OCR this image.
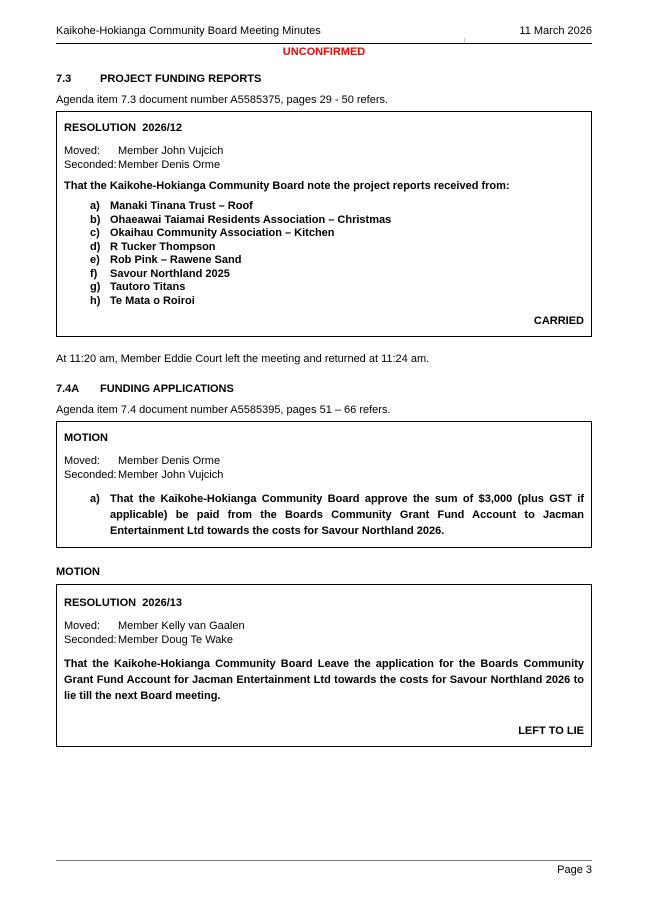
Kaikohe-Hokianga Community Board Meeting Minutes	11 March 2026
UNCONFIRMED
7.3	PROJECT FUNDING REPORTS
Agenda item 7.3 document number A5585375, pages 29 - 50 refers.
RESOLUTION  2026/12
Moved:	Member John Vujcich
Seconded: Member Denis Orme
That the Kaikohe-Hokianga Community Board note the project reports received from:
a) Manaki Tinana Trust – Roof
b) Ohaeawai Taiamai Residents Association – Christmas
c) Okaihau Community Association – Kitchen
d) R Tucker Thompson
e) Rob Pink – Rawene Sand
f)	Savour Northland 2025
g) Tautoro Titans
h) Te Mata o Roiroi
CARRIED
At 11:20 am, Member Eddie Court left the meeting and returned at 11:24 am.
7.4A	FUNDING APPLICATIONS
Agenda item 7.4 document number A5585395, pages 51 – 66 refers.
MOTION
Moved:	Member Denis Orme
Seconded: Member John Vujcich
a) That the Kaikohe-Hokianga Community Board approve the sum of $3,000 (plus GST if applicable) be paid from the Boards Community Grant Fund Account to Jacman Entertainment Ltd towards the costs for Savour Northland 2026.
MOTION
RESOLUTION  2026/13
Moved:	Member Kelly van Gaalen
Seconded: Member Doug Te Wake
That the Kaikohe-Hokianga Community Board Leave the application for the Boards Community Grant Fund Account for Jacman Entertainment Ltd towards the costs for Savour Northland 2026 to lie till the next Board meeting.
LEFT TO LIE
Page 3
